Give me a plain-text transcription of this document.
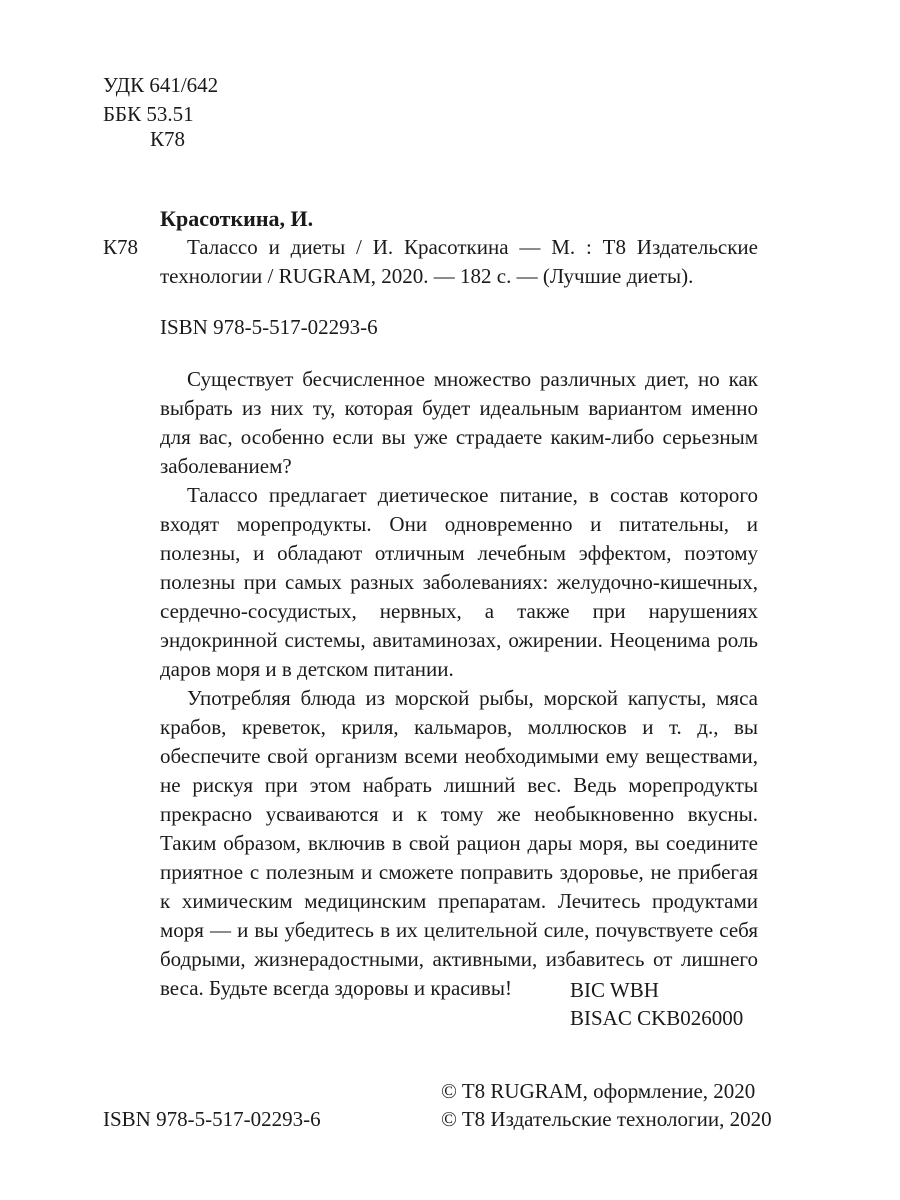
УДК 641/642
ББК 53.51
К78
Красоткина, И.
К78	Талассо и диеты / И. Красоткина — М. : T8 Издательские технологии / RUGRAM, 2020. — 182 с. — (Лучшие диеты).
ISBN 978-5-517-02293-6

Существует бесчисленное множество различных диет, но как выбрать из них ту, которая будет идеальным вариантом именно для вас, особенно если вы уже страдаете каким-либо серьезным заболеванием?

Талассо предлагает диетическое питание, в состав которого входят морепродукты. Они одновременно и питательны, и полезны, и обладают отличным лечебным эффектом, поэтому полезны при самых разных заболеваниях: желудочно-кишечных, сердечно-сосудистых, нервных, а также при нарушениях эндокринной системы, авитаминозах, ожирении. Неоценима роль даров моря и в детском питании.

Употребляя блюда из морской рыбы, морской капусты, мяса крабов, креветок, криля, кальмаров, моллюсков и т. д., вы обеспечите свой организм всеми необходимыми ему веществами, не рискуя при этом набрать лишний вес. Ведь морепродукты прекрасно усваиваются и к тому же необыкновенно вкусны. Таким образом, включив в свой рацион дары моря, вы соедините приятное с полезным и сможете поправить здоровье, не прибегая к химическим медицинским препаратам. Лечитесь продуктами моря — и вы убедитесь в их целительной силе, почувствуете себя бодрыми, жизнерадостными, активными, избавитесь от лишнего веса. Будьте всегда здоровы и красивы!	BIC WBH
BISAC CKB026000
© T8 RUGRAM, оформление, 2020
ISBN 978-5-517-02293-6	© T8 Издательские технологии, 2020
